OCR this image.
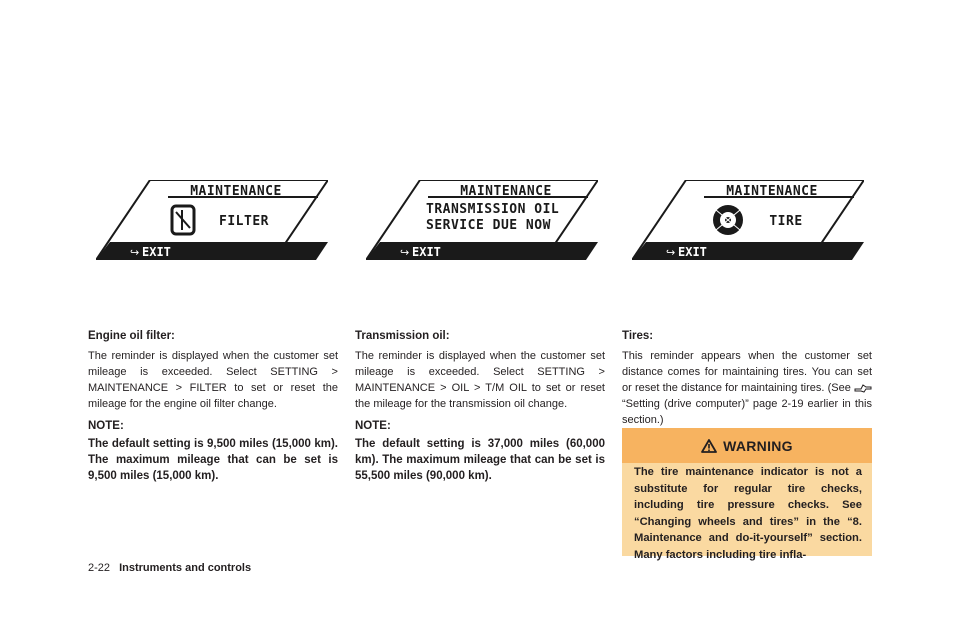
MAINTENANCE
FILTER
↪ EXIT
MAINTENANCE
TRANSMISSION OIL
SERVICE DUE NOW
↪ EXIT
MAINTENANCE
TIRE
↪ EXIT
Engine oil filter:

The reminder is displayed when the customer set mileage is exceeded. Select SETTING > MAINTENANCE > FILTER to set or reset the mileage for the engine oil filter change.

NOTE:

The default setting is 9,500 miles (15,000 km). The maximum mileage that can be set is 9,500 miles (15,000 km).

Transmission oil:

The reminder is displayed when the customer set mileage is exceeded. Select SETTING > MAINTENANCE > OIL > T/M OIL to set or reset the mileage for the transmission oil change.

NOTE:

The default setting is 37,000 miles (60,000 km). The maximum mileage that can be set is 55,500 miles (90,000 km).

Tires:

This reminder appears when the customer set distance comes for maintaining tires. You can set or reset the distance for maintaining tires. (See  “Setting (drive computer)” page 2-19 earlier in this section.)

WARNING
The tire maintenance indicator is not a substitute for regular tire checks, including tire pressure checks. See “Changing wheels and tires” in the “8. Maintenance and do-it-yourself” section. Many factors including tire infla-
2-22 Instruments and controls
